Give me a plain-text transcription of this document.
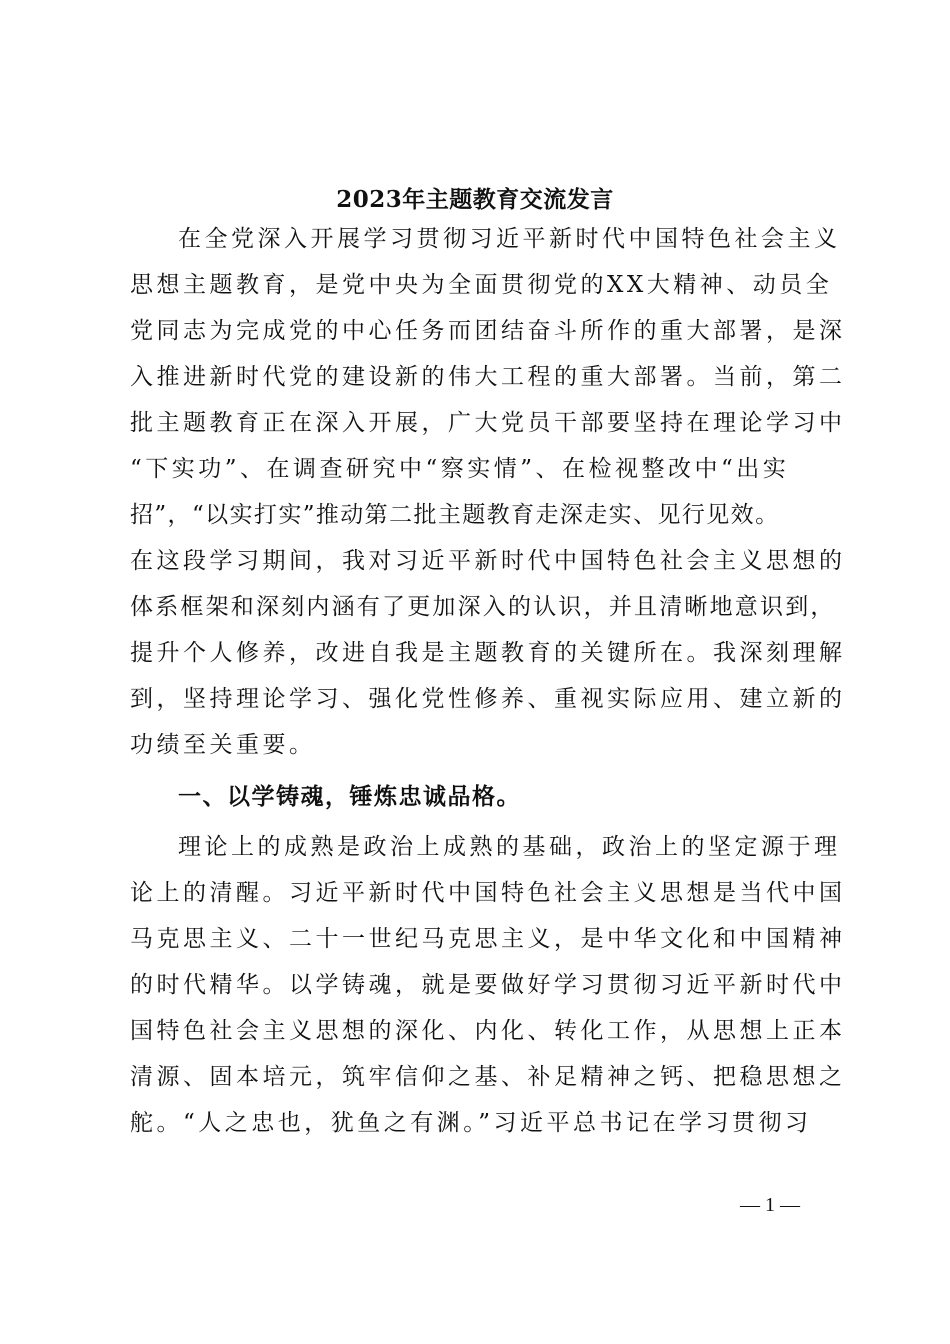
2023年主题教育交流发言
在全党深入开展学习贯彻习近平新时代中国特色社会主义
思想主题教育，是党中央为全面贯彻党的XX大精神、动员全
党同志为完成党的中心任务而团结奋斗所作的重大部署，是深
入推进新时代党的建设新的伟大工程的重大部署。当前，第二
批主题教育正在深入开展，广大党员干部要坚持在理论学习中
“下实功”、在调查研究中“察实情”、在检视整改中“出实
招”，“以实打实”推动第二批主题教育走深走实、见行见效。
在这段学习期间，我对习近平新时代中国特色社会主义思想的
体系框架和深刻内涵有了更加深入的认识，并且清晰地意识到，
提升个人修养，改进自我是主题教育的关键所在。我深刻理解
到，坚持理论学习、强化党性修养、重视实际应用、建立新的
功绩至关重要。
一、以学铸魂，锤炼忠诚品格。
理论上的成熟是政治上成熟的基础，政治上的坚定源于理
论上的清醒。习近平新时代中国特色社会主义思想是当代中国
马克思主义、二十一世纪马克思主义，是中华文化和中国精神
的时代精华。以学铸魂，就是要做好学习贯彻习近平新时代中
国特色社会主义思想的深化、内化、转化工作，从思想上正本
清源、固本培元，筑牢信仰之基、补足精神之钙、把稳思想之
舵。“人之忠也，犹鱼之有渊。”习近平总书记在学习贯彻习
— 1 —
